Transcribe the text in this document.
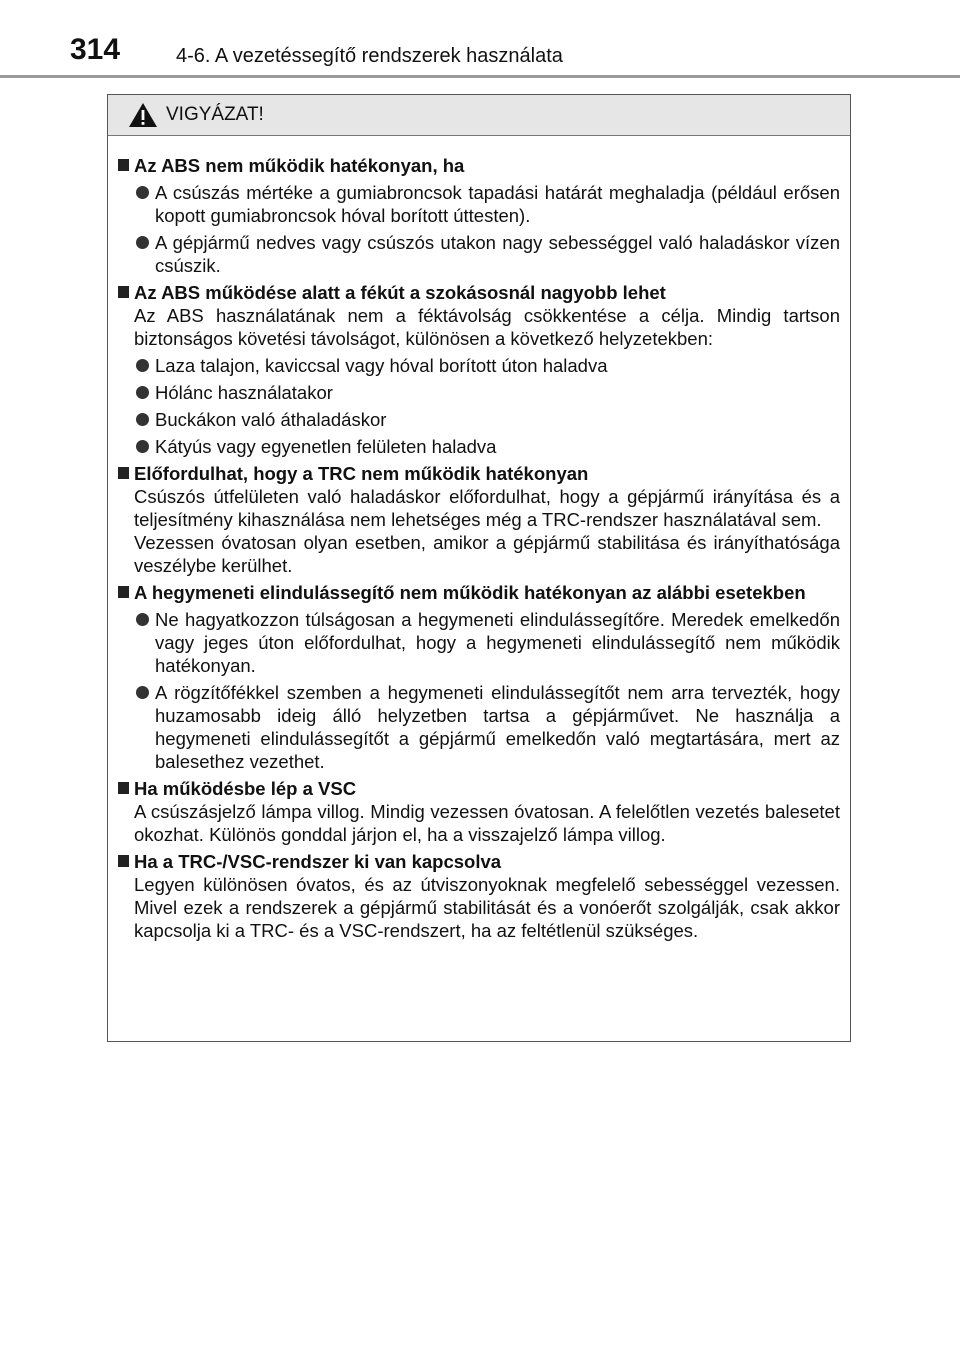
314	4-6. A vezetéssegítő rendszerek használata
VIGYÁZAT!
Az ABS nem működik hatékonyan, ha
A csúszás mértéke a gumiabroncsok tapadási határát meghaladja (például erősen kopott gumiabroncsok hóval borított úttesten).
A gépjármű nedves vagy csúszós utakon nagy sebességgel való haladáskor vízen csúszik.
Az ABS működése alatt a fékút a szokásosnál nagyobb lehet
Az ABS használatának nem a féktávolság csökkentése a célja. Mindig tartson biztonságos követési távolságot, különösen a következő helyzetekben:
Laza talajon, kaviccsal vagy hóval borított úton haladva
Hólánc használatakor
Buckákon való áthaladáskor
Kátyús vagy egyenetlen felületen haladva
Előfordulhat, hogy a TRC nem működik hatékonyan
Csúszós útfelületen való haladáskor előfordulhat, hogy a gépjármű irányítása és a teljesítmény kihasználása nem lehetséges még a TRC-rendszer használatával sem.
Vezessen óvatosan olyan esetben, amikor a gépjármű stabilitása és irányíthatósága veszélybe kerülhet.
A hegymeneti elindulássegítő nem működik hatékonyan az alábbi esetekben
Ne hagyatkozzon túlságosan a hegymeneti elindulássegítőre. Meredek emelkedőn vagy jeges úton előfordulhat, hogy a hegymeneti elindulássegítő nem működik hatékonyan.
A rögzítőfékkel szemben a hegymeneti elindulássegítőt nem arra tervezték, hogy huzamosabb ideig álló helyzetben tartsa a gépjárművet. Ne használja a hegymeneti elindulássegítőt a gépjármű emelkedőn való megtartására, mert az balesethez vezethet.
Ha működésbe lép a VSC
A csúszásjelző lámpa villog. Mindig vezessen óvatosan. A felelőtlen vezetés balesetet okozhat. Különös gonddal járjon el, ha a visszajelző lámpa villog.
Ha a TRC-/VSC-rendszer ki van kapcsolva
Legyen különösen óvatos, és az útviszonyoknak megfelelő sebességgel vezessen. Mivel ezek a rendszerek a gépjármű stabilitását és a vonóerőt szolgálják, csak akkor kapcsolja ki a TRC- és a VSC-rendszert, ha az feltétlenül szükséges.
